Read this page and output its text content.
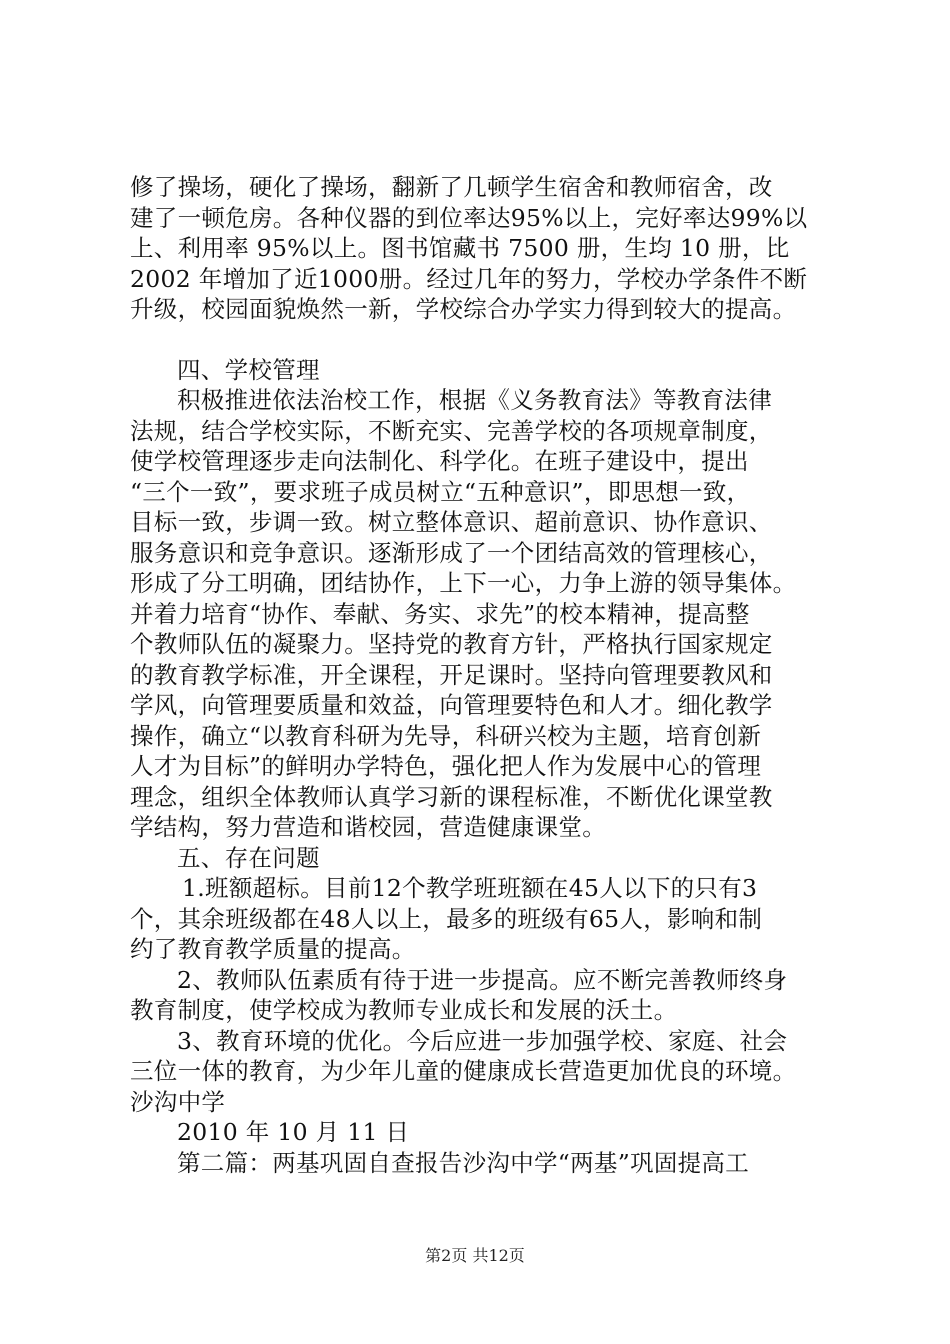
修了操场，硬化了操场，翻新了几顿学生宿舍和教师宿舍，改
建了一顿危房。各种仪器的到位率达95%以上，完好率达99%以
上、利用率 95%以上。图书馆藏书 7500 册，生均 10 册，比
2002 年增加了近1000册。经过几年的努力，学校办学条件不断
升级，校园面貌焕然一新，学校综合办学实力得到较大的提高。

四、学校管理

积极推进依法治校工作，根据《义务教育法》等教育法律
法规，结合学校实际，不断充实、完善学校的各项规章制度，
使学校管理逐步走向法制化、科学化。在班子建设中，提出
“三个一致”，要求班子成员树立“五种意识”，即思想一致，
目标一致，步调一致。树立整体意识、超前意识、协作意识、
服务意识和竞争意识。逐渐形成了一个团结高效的管理核心，
形成了分工明确，团结协作，上下一心，力争上游的领导集体。
并着力培育“协作、奉献、务实、求先”的校本精神，提高整
个教师队伍的凝聚力。坚持党的教育方针，严格执行国家规定
的教育教学标准，开全课程，开足课时。坚持向管理要教风和
学风，向管理要质量和效益，向管理要特色和人才。细化教学
操作，确立“以教育科研为先导，科研兴校为主题，培育创新
人才为目标”的鲜明办学特色，强化把人作为发展中心的管理
理念，组织全体教师认真学习新的课程标准，不断优化课堂教
学结构，努力营造和谐校园，营造健康课堂。

五、存在问题

1.班额超标。目前12个教学班班额在45人以下的只有3
个，其余班级都在48人以上，最多的班级有65人，影响和制
约了教育教学质量的提高。

2、教师队伍素质有待于进一步提高。应不断完善教师终身
教育制度，使学校成为教师专业成长和发展的沃土。

3、教育环境的优化。今后应进一步加强学校、家庭、社会
三位一体的教育，为少年儿童的健康成长营造更加优良的环境。

沙沟中学

2010 年 10 月 11 日

第二篇：两基巩固自查报告沙沟中学“两基”巩固提高工

第2页 共12页
